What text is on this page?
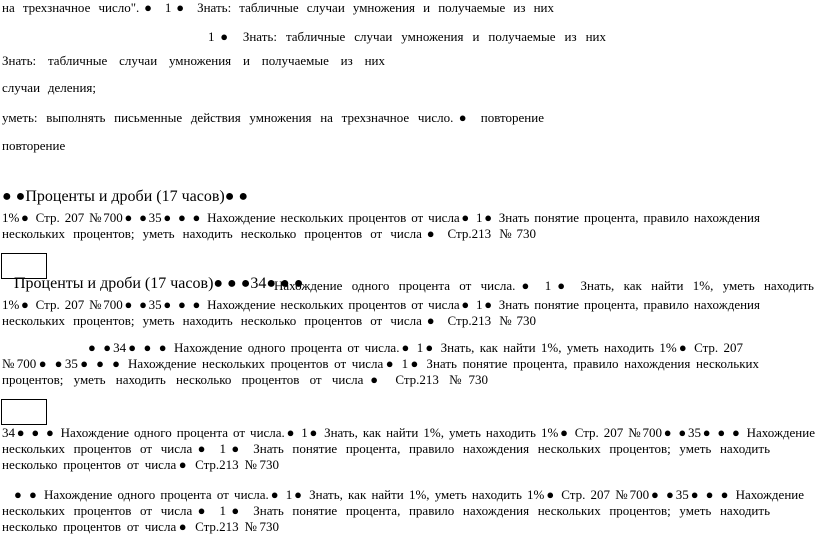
на трехзначное число".● 1● Знать: табличные случаи умножения и получаемые из них
1● Знать: табличные случаи умножения и получаемые из них
Знать: табличные случаи умножения и получаемые из них
случаи деления;
уметь: выполнять письменные действия умножения на трехзначное число.● повторение
повторение
● ●Проценты и дроби (17 часов)● ●
1%● Стр. 207 №700● ●35● ● ● Нахождение нескольких процентов от числа● 1● Знать понятие процента, правило нахождения
нескольких процентов; уметь находить несколько процентов от числа● Стр.213 №730
Проценты и дроби (17 часов)● ● ●34● ● ●
Нахождение одного процента от числа.● 1● Знать, как найти 1%, уметь находить
1%● Стр. 207 №700● ●35● ● ● Нахождение нескольких процентов от числа● 1● Знать понятие процента, правило нахождения
нескольких процентов; уметь находить несколько процентов от числа● Стр.213 №730
● ●34● ● ● Нахождение одного процента от числа.● 1● Знать, как найти 1%, уметь находить 1%● Стр. 207
№700● ●35● ● ● Нахождение нескольких процентов от числа● 1● Знать понятие процента, правило нахождения нескольких
процентов; уметь находить несколько процентов от числа● Стр.213 №730
34● ● ● Нахождение одного процента от числа.● 1● Знать, как найти 1%, уметь находить 1%● Стр. 207 №700● ●35● ● ● Нахождение
нескольких процентов от числа● 1● Знать понятие процента, правило нахождения нескольких процентов; уметь находить
несколько процентов от числа● Стр.213 №730
● ● Нахождение одного процента от числа.● 1● Знать, как найти 1%, уметь находить 1%● Стр. 207 №700● ●35● ● ● Нахождение
нескольких процентов от числа● 1● Знать понятие процента, правило нахождения нескольких процентов; уметь находить
несколько процентов от числа● Стр.213 №730
